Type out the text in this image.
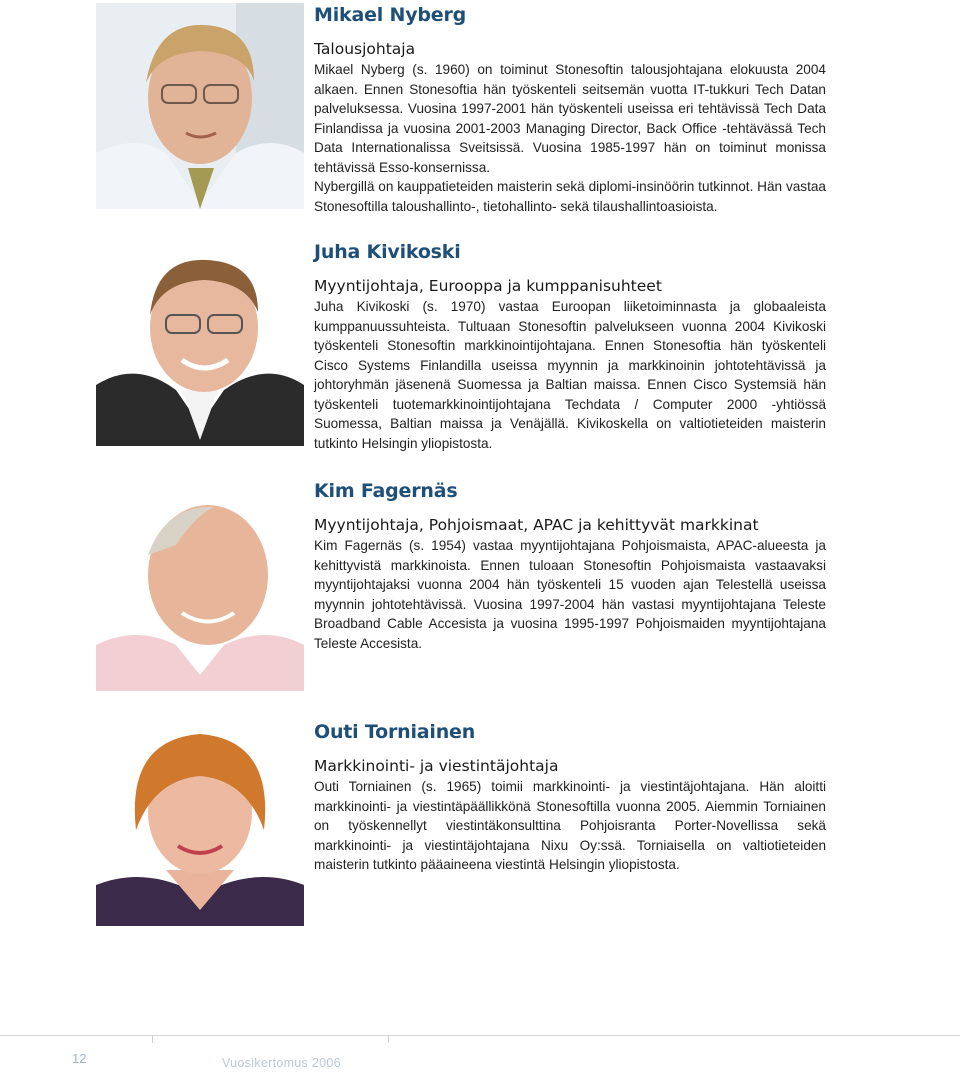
Mikael Nyberg
Talousjohtaja

Mikael Nyberg (s. 1960) on toiminut Stonesoftin talousjohtajana elokuusta 2004 alkaen. Ennen Stonesoftia hän työskenteli seitsemän vuotta IT-tukkuri Tech Datan palveluksessa. Vuosina 1997-2001 hän työskenteli useissa eri tehtävissä Tech Data Finlandissa ja vuosina 2001-2003 Managing Director, Back Office -tehtävässä Tech Data Internationalissa Sveitsissä. Vuosina 1985-1997 hän on toiminut monissa tehtävissä Esso-konsernissa.

Nybergillä on kauppatieteiden maisterin sekä diplomi-insinöörin tutkinnot. Hän vastaa Stonesoftilla taloushallinto-, tietohallinto- sekä tilaushallintoasioista.

Juha Kivikoski
Myyntijohtaja, Eurooppa ja kumppanisuhteet

Juha Kivikoski (s. 1970) vastaa Euroopan liiketoiminnasta ja globaaleista kumppanuussuhteista. Tultuaan Stonesoftin palvelukseen vuonna 2004 Kivikoski työskenteli Stonesoftin markkinointijohtajana. Ennen Stonesoftia hän työskenteli Cisco Systems Finlandilla useissa myynnin ja markkinoinin johtotehtävissä ja johtoryhmän jäsenenä Suomessa ja Baltian maissa. Ennen Cisco Systemsiä hän työskenteli tuotemarkkinointijohtajana Techdata / Computer 2000 -yhtiössä Suomessa, Baltian maissa ja Venäjällä. Kivikoskella on valtiotieteiden maisterin tutkinto Helsingin yliopistosta.

Kim Fagernäs
Myyntijohtaja, Pohjoismaat, APAC ja kehittyvät markkinat

Kim Fagernäs (s. 1954) vastaa myyntijohtajana Pohjoismaista, APAC-alueesta ja kehittyvistä markkinoista. Ennen tuloaan Stonesoftin Pohjoismaista vastaavaksi myyntijohtajaksi vuonna 2004 hän työskenteli 15 vuoden ajan Telestellä useissa myynnin johtotehtävissä. Vuosina 1997-2004 hän vastasi myyntijohtajana Teleste Broadband Cable Accesista ja vuosina 1995-1997 Pohjoismaiden myyntijohtajana Teleste Accesista.

Outi Torniainen
Markkinointi- ja viestintäjohtaja

Outi Torniainen (s. 1965) toimii markkinointi- ja viestintäjohtajana. Hän aloitti markkinointi- ja viestintäpäällikkönä Stonesoftilla vuonna 2005. Aiemmin Torniainen on työskennellyt viestintäkonsulttina Pohjoisranta Porter-Novellissa sekä markkinointi- ja viestintäjohtajana Nixu Oy:ssä. Torniaisella on valtiotieteiden maisterin tutkinto pääaineena viestintä Helsingin yliopistosta.

12	Vuosikertomus 2006
